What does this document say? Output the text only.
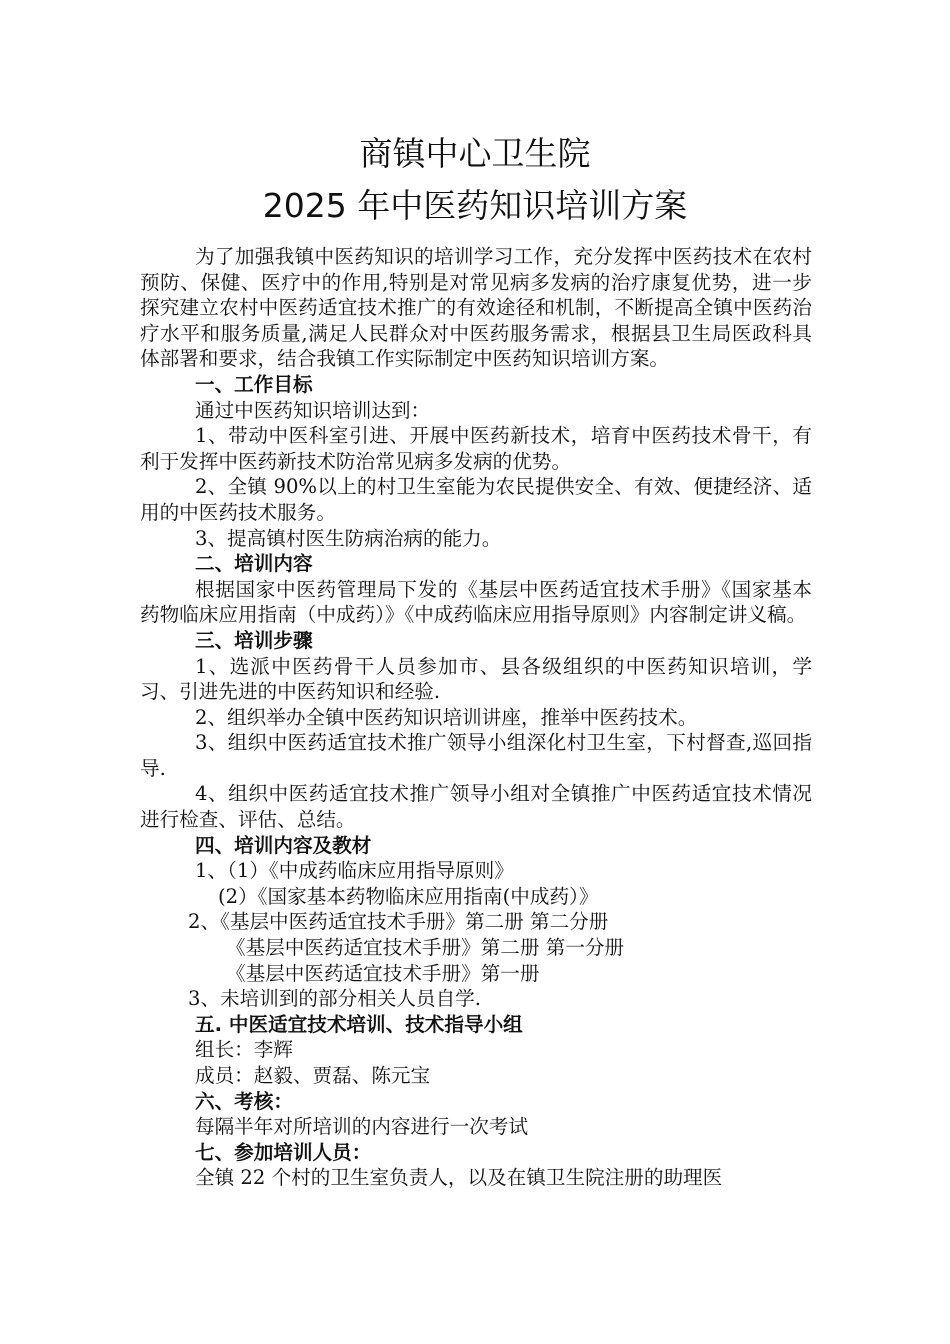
商镇中心卫生院
2025 年中医药知识培训方案

为了加强我镇中医药知识的培训学习工作，充分发挥中医药技术在农村预防、保健、医疗中的作用,特别是对常见病多发病的治疗康复优势，进一步探究建立农村中医药适宜技术推广的有效途径和机制，不断提高全镇中医药治疗水平和服务质量,满足人民群众对中医药服务需求，根据县卫生局医政科具体部署和要求，结合我镇工作实际制定中医药知识培训方案。

一、工作目标

通过中医药知识培训达到：

1、带动中医科室引进、开展中医药新技术，培育中医药技术骨干，有利于发挥中医药新技术防治常见病多发病的优势。

2、全镇 90%以上的村卫生室能为农民提供安全、有效、便捷经济、适用的中医药技术服务。

3、提高镇村医生防病治病的能力。

二、培训内容

根据国家中医药管理局下发的《基层中医药适宜技术手册》《国家基本药物临床应用指南（中成药）》《中成药临床应用指导原则》内容制定讲义稿。

三、培训步骤

1、选派中医药骨干人员参加市、县各级组织的中医药知识培训，学习、引进先进的中医药知识和经验.

2、组织举办全镇中医药知识培训讲座，推举中医药技术。

3、组织中医药适宜技术推广领导小组深化村卫生室，下村督查,巡回指导.

4、组织中医药适宜技术推广领导小组对全镇推广中医药适宜技术情况进行检查、评估、总结。

四、培训内容及教材

1、（1）《中成药临床应用指导原则》

(2）《国家基本药物临床应用指南(中成药）》

2、《基层中医药适宜技术手册》第二册 第二分册

《基层中医药适宜技术手册》第二册 第一分册

《基层中医药适宜技术手册》第一册

3、未培训到的部分相关人员自学.

五. 中医适宜技术培训、技术指导小组

组长：李辉

成员：赵毅、贾磊、陈元宝

六、考核：

每隔半年对所培训的内容进行一次考试

七、参加培训人员：

全镇 22 个村的卫生室负责人，以及在镇卫生院注册的助理医
